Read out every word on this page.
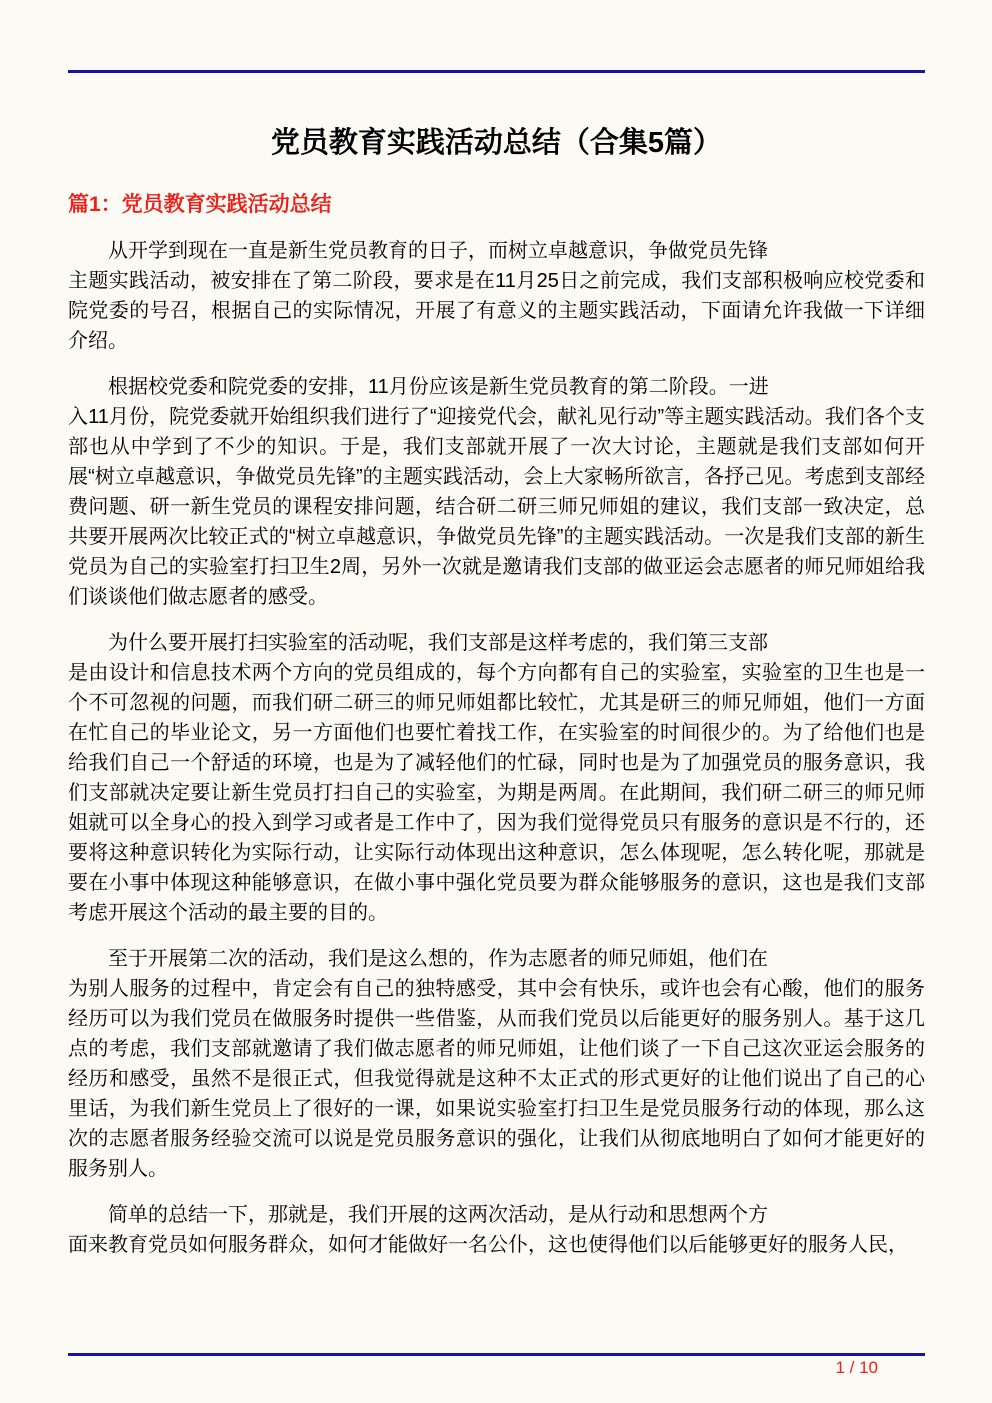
党员教育实践活动总结（合集5篇）
篇1：党员教育实践活动总结

从开学到现在一直是新生党员教育的日子，而树立卓越意识，争做党员先锋
主题实践活动，被安排在了第二阶段，要求是在11月25日之前完成，我们支部积极响应校党委和院党委的号召，根据自己的实际情况，开展了有意义的主题实践活动，下面请允许我做一下详细介绍。

根据校党委和院党委的安排，11月份应该是新生党员教育的第二阶段。一进
入11月份，院党委就开始组织我们进行了“迎接党代会，献礼见行动”等主题实践活动。我们各个支部也从中学到了不少的知识。于是，我们支部就开展了一次大讨论，主题就是我们支部如何开展“树立卓越意识，争做党员先锋”的主题实践活动，会上大家畅所欲言，各抒己见。考虑到支部经费问题、研一新生党员的课程安排问题，结合研二研三师兄师姐的建议，我们支部一致决定，总共要开展两次比较正式的“树立卓越意识，争做党员先锋”的主题实践活动。一次是我们支部的新生党员为自己的实验室打扫卫生2周，另外一次就是邀请我们支部的做亚运会志愿者的师兄师姐给我们谈谈他们做志愿者的感受。

为什么要开展打扫实验室的活动呢，我们支部是这样考虑的，我们第三支部
是由设计和信息技术两个方向的党员组成的，每个方向都有自己的实验室，实验室的卫生也是一个不可忽视的问题，而我们研二研三的师兄师姐都比较忙，尤其是研三的师兄师姐，他们一方面在忙自己的毕业论文，另一方面他们也要忙着找工作，在实验室的时间很少的。为了给他们也是给我们自己一个舒适的环境，也是为了减轻他们的忙碌，同时也是为了加强党员的服务意识，我们支部就决定要让新生党员打扫自己的实验室，为期是两周。在此期间，我们研二研三的师兄师姐就可以全身心的投入到学习或者是工作中了，因为我们觉得党员只有服务的意识是不行的，还要将这种意识转化为实际行动，让实际行动体现出这种意识，怎么体现呢，怎么转化呢，那就是要在小事中体现这种能够意识，在做小事中强化党员要为群众能够服务的意识，这也是我们支部考虑开展这个活动的最主要的目的。

至于开展第二次的活动，我们是这么想的，作为志愿者的师兄师姐，他们在
为别人服务的过程中，肯定会有自己的独特感受，其中会有快乐，或许也会有心酸，他们的服务经历可以为我们党员在做服务时提供一些借鉴，从而我们党员以后能更好的服务别人。基于这几点的考虑，我们支部就邀请了我们做志愿者的师兄师姐，让他们谈了一下自己这次亚运会服务的经历和感受，虽然不是很正式，但我觉得就是这种不太正式的形式更好的让他们说出了自己的心里话，为我们新生党员上了很好的一课，如果说实验室打扫卫生是党员服务行动的体现，那么这次的志愿者服务经验交流可以说是党员服务意识的强化，让我们从彻底地明白了如何才能更好的服务别人。

简单的总结一下，那就是，我们开展的这两次活动，是从行动和思想两个方
面来教育党员如何服务群众，如何才能做好一名公仆，这也使得他们以后能够更好的服务人民，

1 / 10
